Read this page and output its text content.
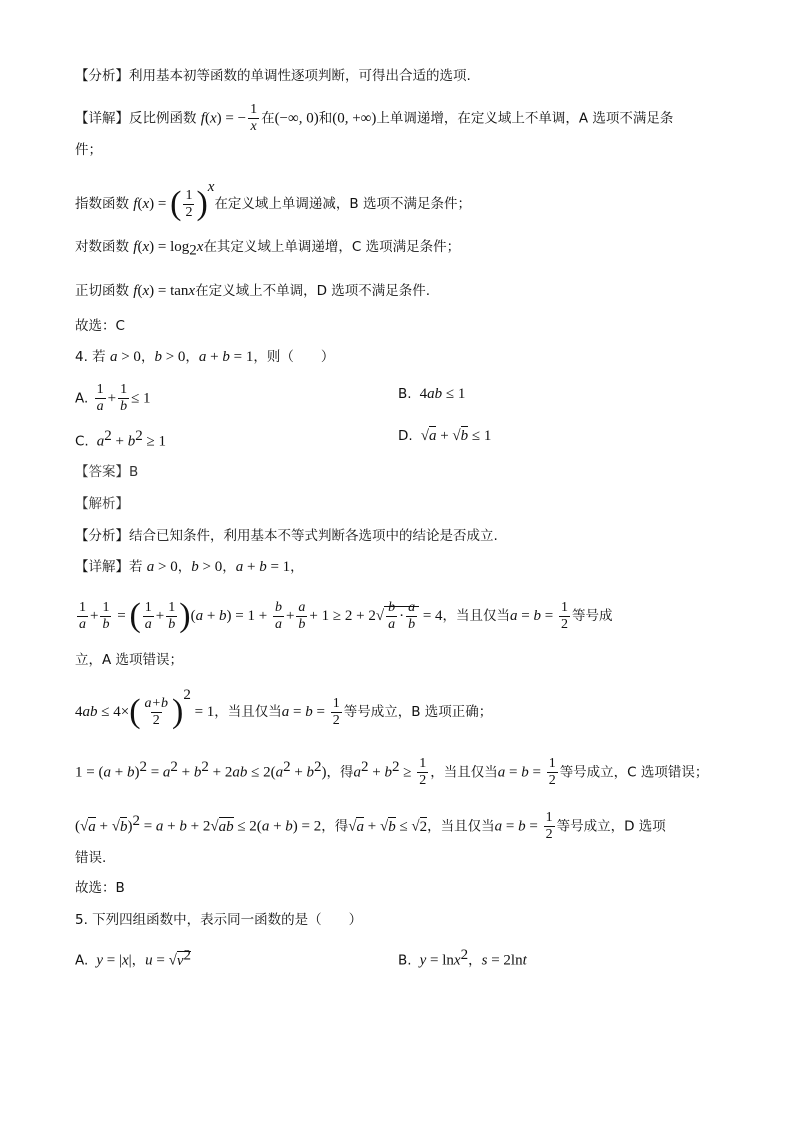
【分析】利用基本初等函数的单调性逐项判断，可得出合适的选项.
【详解】反比例函数 f(x) = − $\frac{1}{x}$ 在(−∞, 0)和(0, +∞)上单调递增，在定义域上不单调，A 选项不满足条
件；
指数函数 f(x) = ( $\frac{1}{2} )^x$在定义域上单调递减，B 选项不满足条件；
对数函数 $f(x) = \log_2x$在其定义域上单调递增，C 选项满足条件；
正切函数 f(x) = tanx在定义域上不单调，D 选项不满足条件.
故选：C
4. 若 a > 0，b > 0，a + b = 1，则（　　）
A. $\frac{1}{a} + \frac{1}{b} \le 1$	B.  4ab ≤ 1
C.  $a^2 + b^2 \ge 1$	D.  √a + √b ≤ 1
【答案】B
【解析】
【分析】结合已知条件，利用基本不等式判断各选项中的结论是否成立.
【详解】若 a > 0，b > 0，a + b = 1，
$\frac{1}{a} + \frac{1}{b}$ = ( $\frac{1}{a} + \frac{1}{b} )(a + b) = 1 + \frac{b}{a} + \frac{a}{b} + 1 \ge 2 + 2√ \frac{b}{a} \cdot \frac{a}{b} = 4$，当且仅当$a = b = \frac{1}{2}$ 等号成
立，A 选项错误；
$4ab \le 4\times( \frac{a+b}{2} )^2 = 1$，当且仅当$a = b = \frac{1}{2}$ 等号成立，B 选项正确；
$1 = (a + b)^2 = a^2 + b^2 + 2ab \le 2(a^2 + b^2)$，得$a^2 + b^2 \ge \frac{1}{2}$ ，当且仅当$a = b = \frac{1}{2}$ 等号成立，C 选项错误；
$(√a + √b)^2 = a + b + 2√ab \le 2(a + b) = 2$，得√a + √b ≤ √2，当且仅当$a = b = \frac{1}{2}$ 等号成立，D 选项
错误.
故选：B
5. 下列四组函数中，表示同一函数的是（　　）
A.  y = |x|，$u = √v^2$	B.  y = lnx$^2$，s = 2lnt
